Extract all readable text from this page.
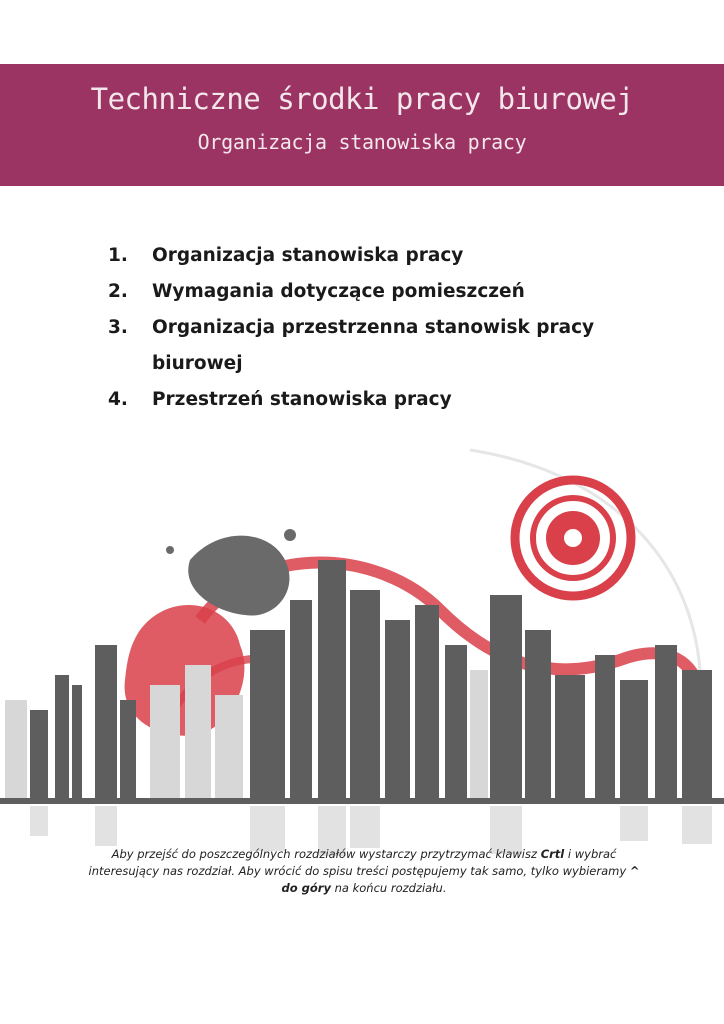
Techniczne środki pracy biurowej
Organizacja stanowiska pracy
1.	Organizacja stanowiska pracy
2.	Wymagania dotyczące pomieszczeń
3.	Organizacja przestrzenna stanowisk pracy biurowej
4.	Przestrzeń stanowiska pracy
Aby przejść do poszczególnych rozdziałów wystarczy przytrzymać klawisz Crtl i wybrać interesujący nas rozdział. Aby wrócić do spisu treści postępujemy tak samo, tylko wybieramy ^ do góry na końcu rozdziału.
